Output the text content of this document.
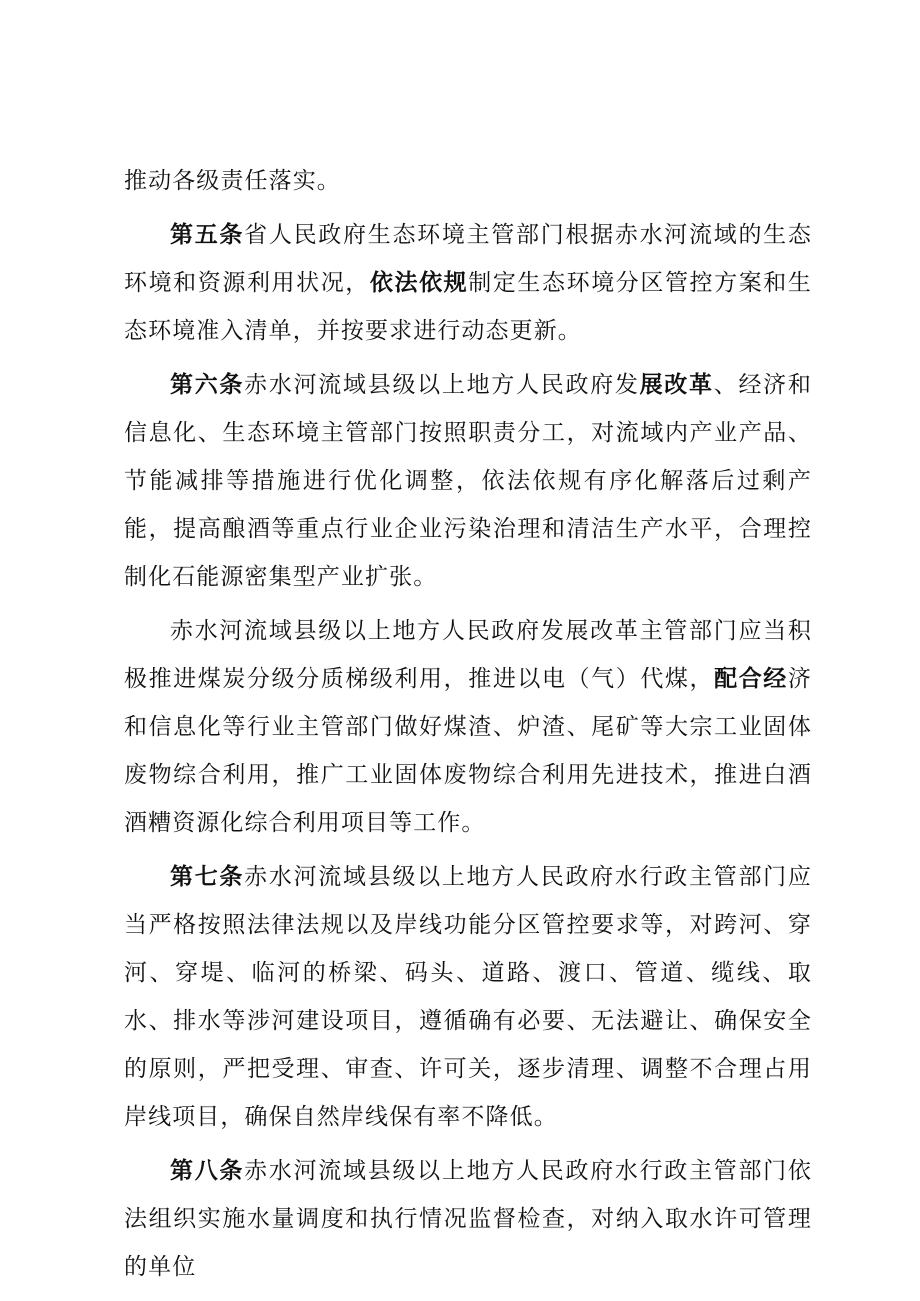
推动各级责任落实。

第五条省人民政府生态环境主管部门根据赤水河流域的生态环境和资源利用状况，依法依规制定生态环境分区管控方案和生态环境准入清单，并按要求进行动态更新。

第六条赤水河流域县级以上地方人民政府发展改革、经济和信息化、生态环境主管部门按照职责分工，对流域内产业产品、节能减排等措施进行优化调整，依法依规有序化解落后过剩产能，提高酿酒等重点行业企业污染治理和清洁生产水平，合理控制化石能源密集型产业扩张。

赤水河流域县级以上地方人民政府发展改革主管部门应当积极推进煤炭分级分质梯级利用，推进以电（气）代煤，配合经济和信息化等行业主管部门做好煤渣、炉渣、尾矿等大宗工业固体废物综合利用，推广工业固体废物综合利用先进技术，推进白酒酒糟资源化综合利用项目等工作。

第七条赤水河流域县级以上地方人民政府水行政主管部门应当严格按照法律法规以及岸线功能分区管控要求等，对跨河、穿河、穿堤、临河的桥梁、码头、道路、渡口、管道、缆线、取水、排水等涉河建设项目，遵循确有必要、无法避让、确保安全的原则，严把受理、审查、许可关，逐步清理、调整不合理占用岸线项目，确保自然岸线保有率不降低。

第八条赤水河流域县级以上地方人民政府水行政主管部门依法组织实施水量调度和执行情况监督检查，对纳入取水许可管理的单位
